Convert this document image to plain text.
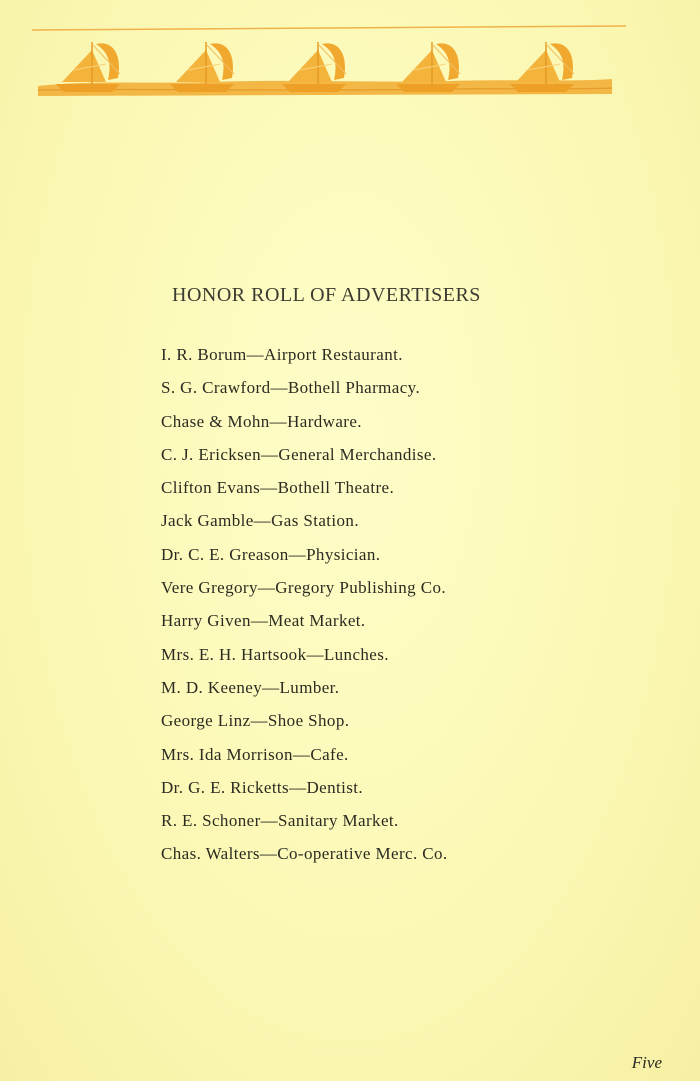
HONOR ROLL OF ADVERTISERS
I. R. Borum—Airport Restaurant.
S. G. Crawford—Bothell Pharmacy.
Chase & Mohn—Hardware.
C. J. Ericksen—General Merchandise.
Clifton Evans—Bothell Theatre.
Jack Gamble—Gas Station.
Dr. C. E. Greason—Physician.
Vere Gregory—Gregory Publishing Co.
Harry Given—Meat Market.
Mrs. E. H. Hartsook—Lunches.
M. D. Keeney—Lumber.
George Linz—Shoe Shop.
Mrs. Ida Morrison—Cafe.
Dr. G. E. Ricketts—Dentist.
R. E. Schoner—Sanitary Market.
Chas. Walters—Co-operative Merc. Co.
Five
